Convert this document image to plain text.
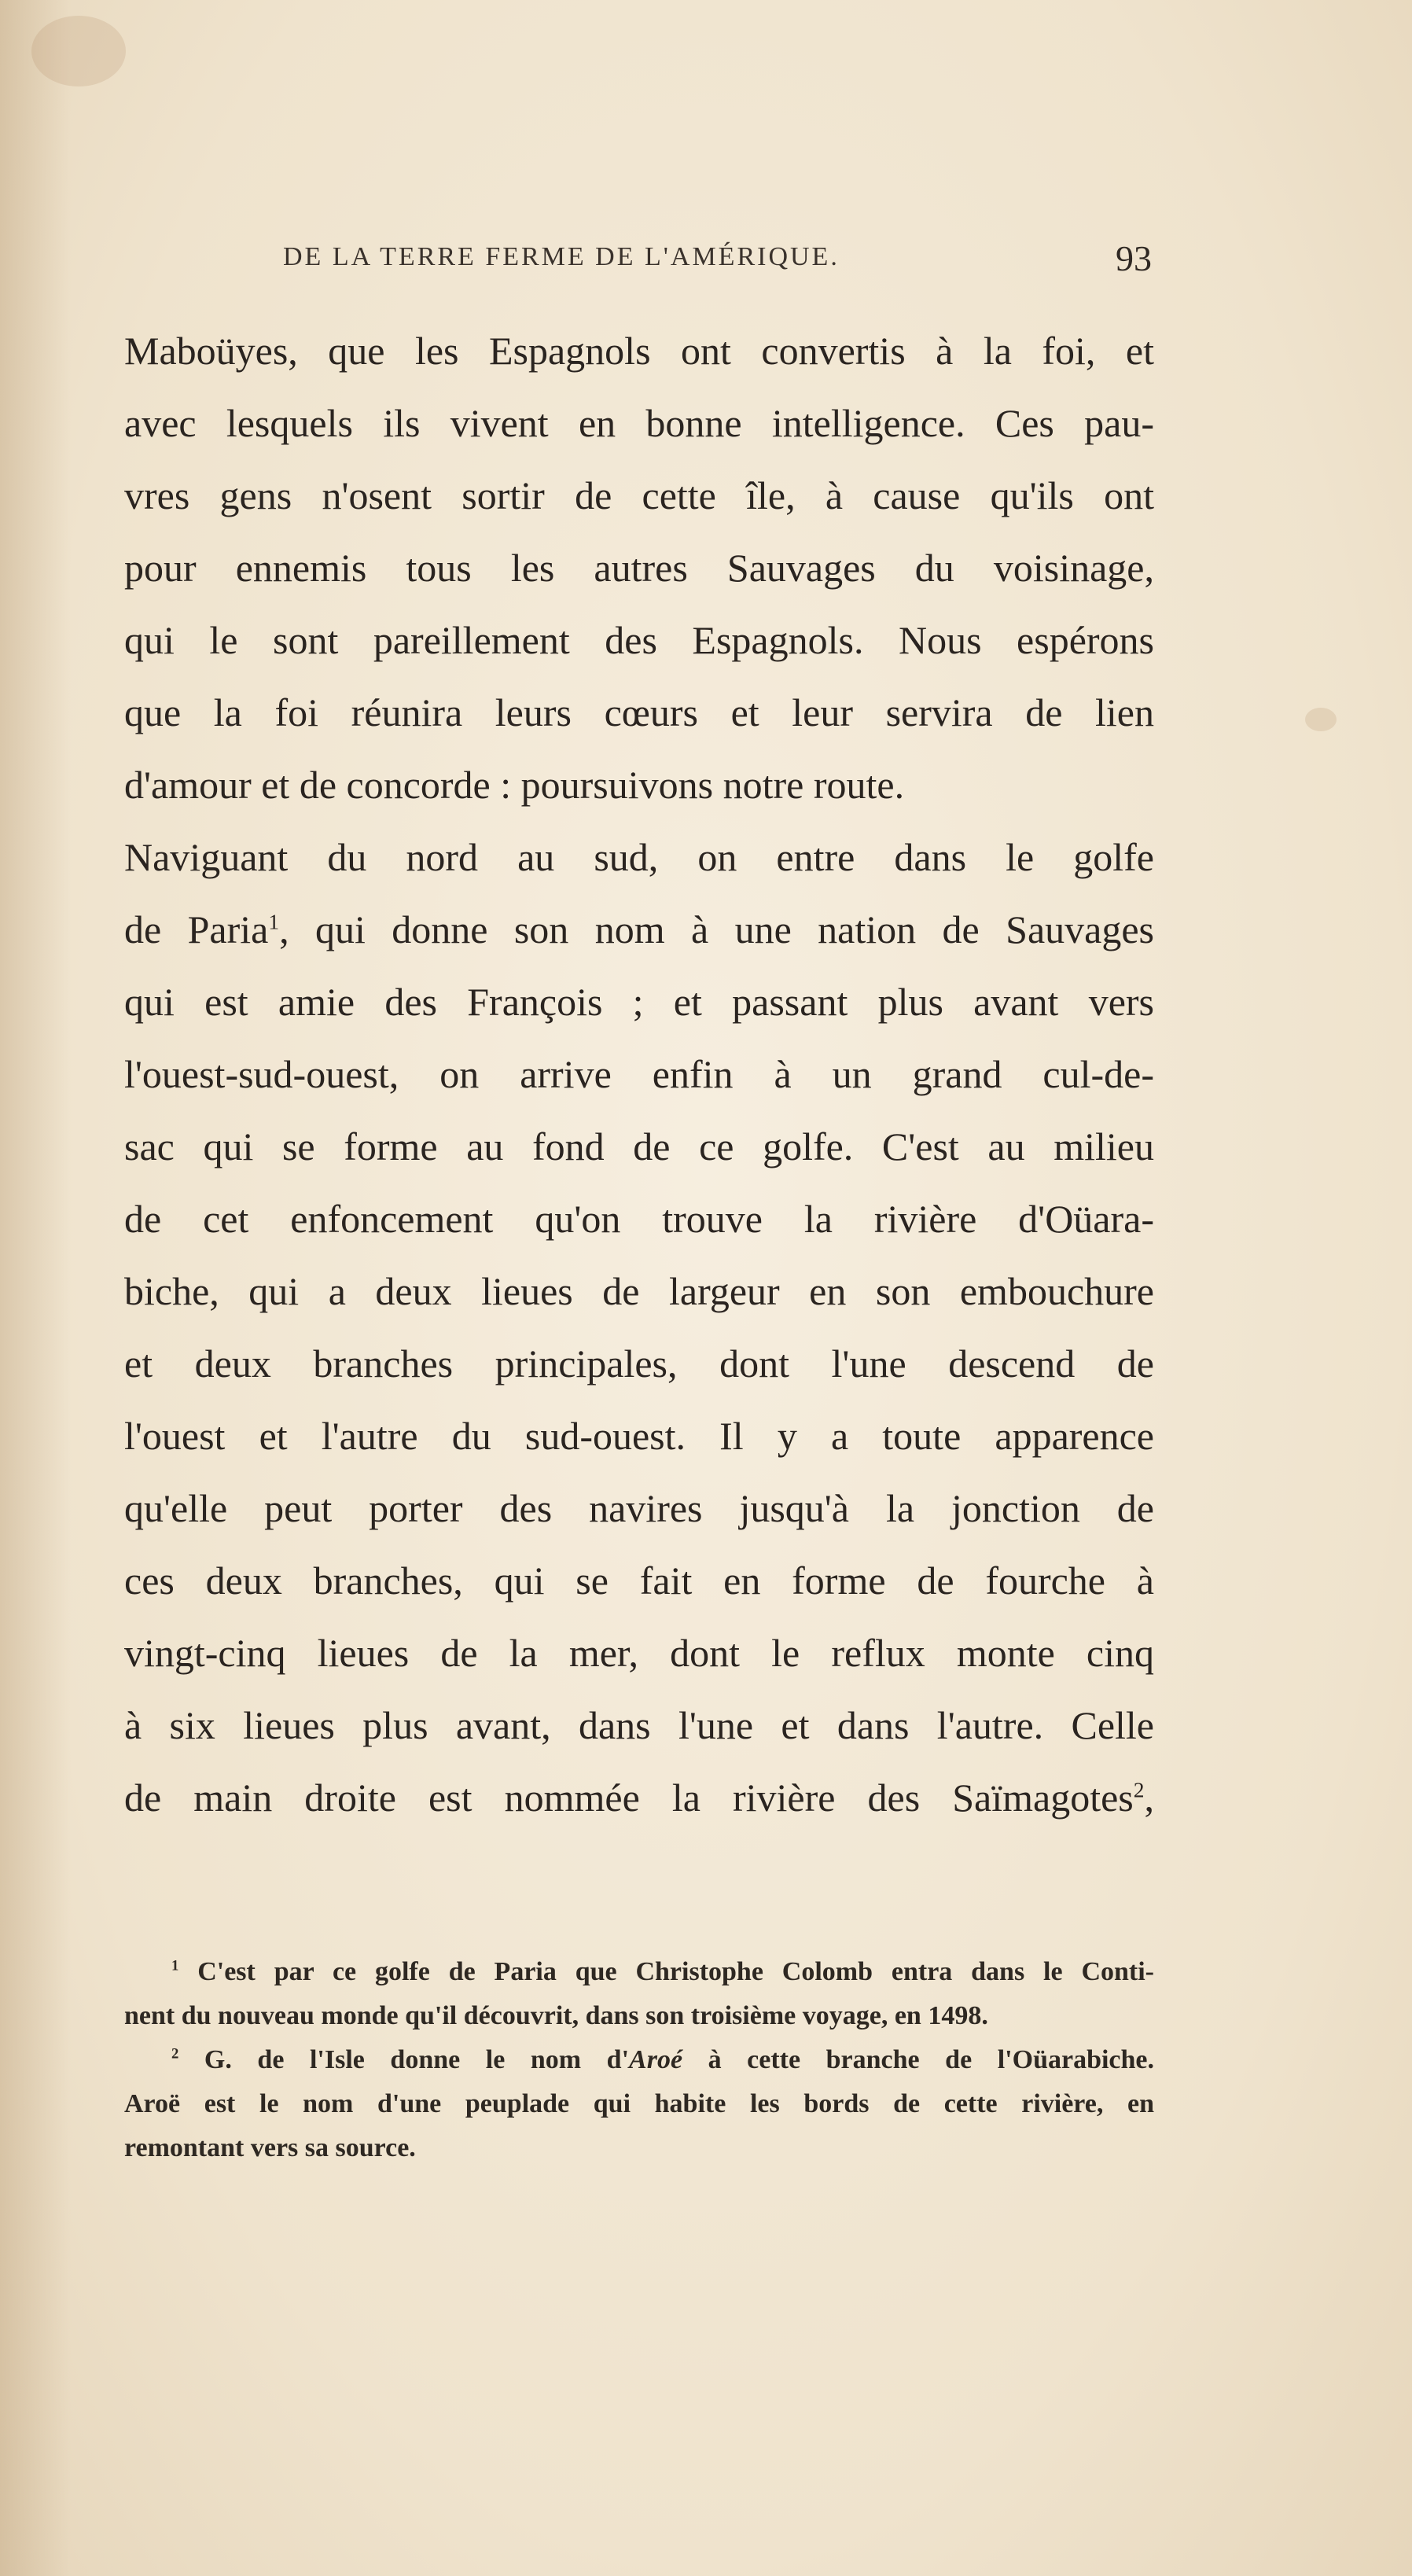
DE LA TERRE FERME DE L'AMÉRIQUE.	93
Maboüyes, que les Espagnols ont convertis à la foi, et
avec lesquels ils vivent en bonne intelligence. Ces pau-
vres gens n'osent sortir de cette île, à cause qu'ils ont
pour ennemis tous les autres Sauvages du voisinage,
qui le sont pareillement des Espagnols. Nous espérons
que la foi réunira leurs cœurs et leur servira de lien
d'amour et de concorde : poursuivons notre route.
Naviguant du nord au sud, on entre dans le golfe
de Paria$^1$, qui donne son nom à une nation de Sauvages
qui est amie des François ; et passant plus avant vers
l'ouest-sud-ouest, on arrive enfin à un grand cul-de-
sac qui se forme au fond de ce golfe. C'est au milieu
de cet enfoncement qu'on trouve la rivière d'Oüara-
biche, qui a deux lieues de largeur en son embouchure
et deux branches principales, dont l'une descend de
l'ouest et l'autre du sud-ouest. Il y a toute apparence
qu'elle peut porter des navires jusqu'à la jonction de
ces deux branches, qui se fait en forme de fourche à
vingt-cinq lieues de la mer, dont le reflux monte cinq
à six lieues plus avant, dans l'une et dans l'autre. Celle
de main droite est nommée la rivière des Saïmagotes$^2$,
$^1$ C'est par ce golfe de Paria que Christophe Colomb entra dans le Conti-
nent du nouveau monde qu'il découvrit, dans son troisième voyage, en 1498.
$^2$ G. de l'Isle donne le nom d'Aroé à cette branche de l'Oüarabiche.
Aroë est le nom d'une peuplade qui habite les bords de cette rivière, en
remontant vers sa source.
